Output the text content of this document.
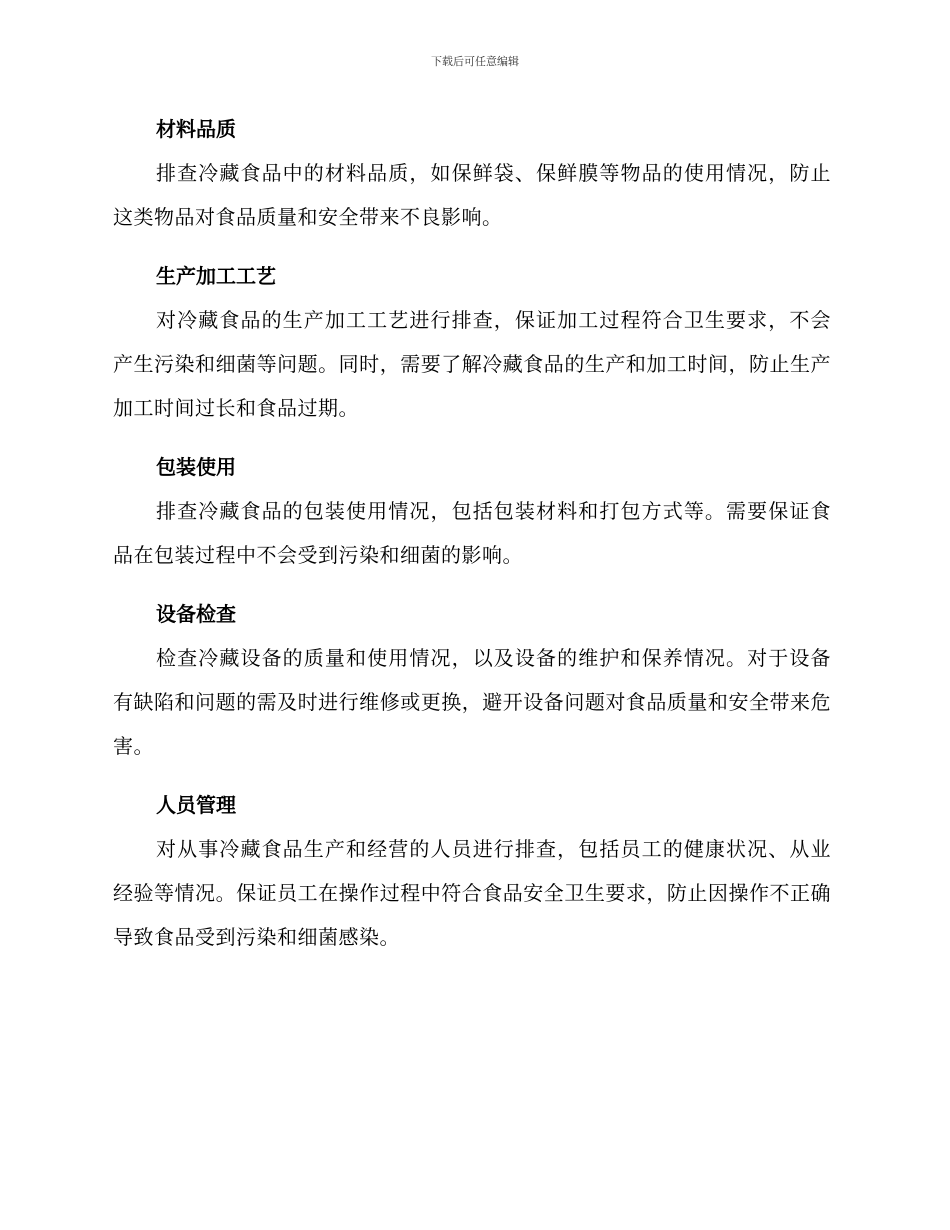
下载后可任意编辑
材料品质

排查冷藏食品中的材料品质，如保鲜袋、保鲜膜等物品的使用情况，防止这类物品对食品质量和安全带来不良影响。

生产加工工艺

对冷藏食品的生产加工工艺进行排查，保证加工过程符合卫生要求，不会产生污染和细菌等问题。同时，需要了解冷藏食品的生产和加工时间，防止生产加工时间过长和食品过期。

包装使用

排查冷藏食品的包装使用情况，包括包装材料和打包方式等。需要保证食品在包装过程中不会受到污染和细菌的影响。

设备检查

检查冷藏设备的质量和使用情况，以及设备的维护和保养情况。对于设备有缺陷和问题的需及时进行维修或更换，避开设备问题对食品质量和安全带来危害。

人员管理

对从事冷藏食品生产和经营的人员进行排查，包括员工的健康状况、从业经验等情况。保证员工在操作过程中符合食品安全卫生要求，防止因操作不正确导致食品受到污染和细菌感染。
